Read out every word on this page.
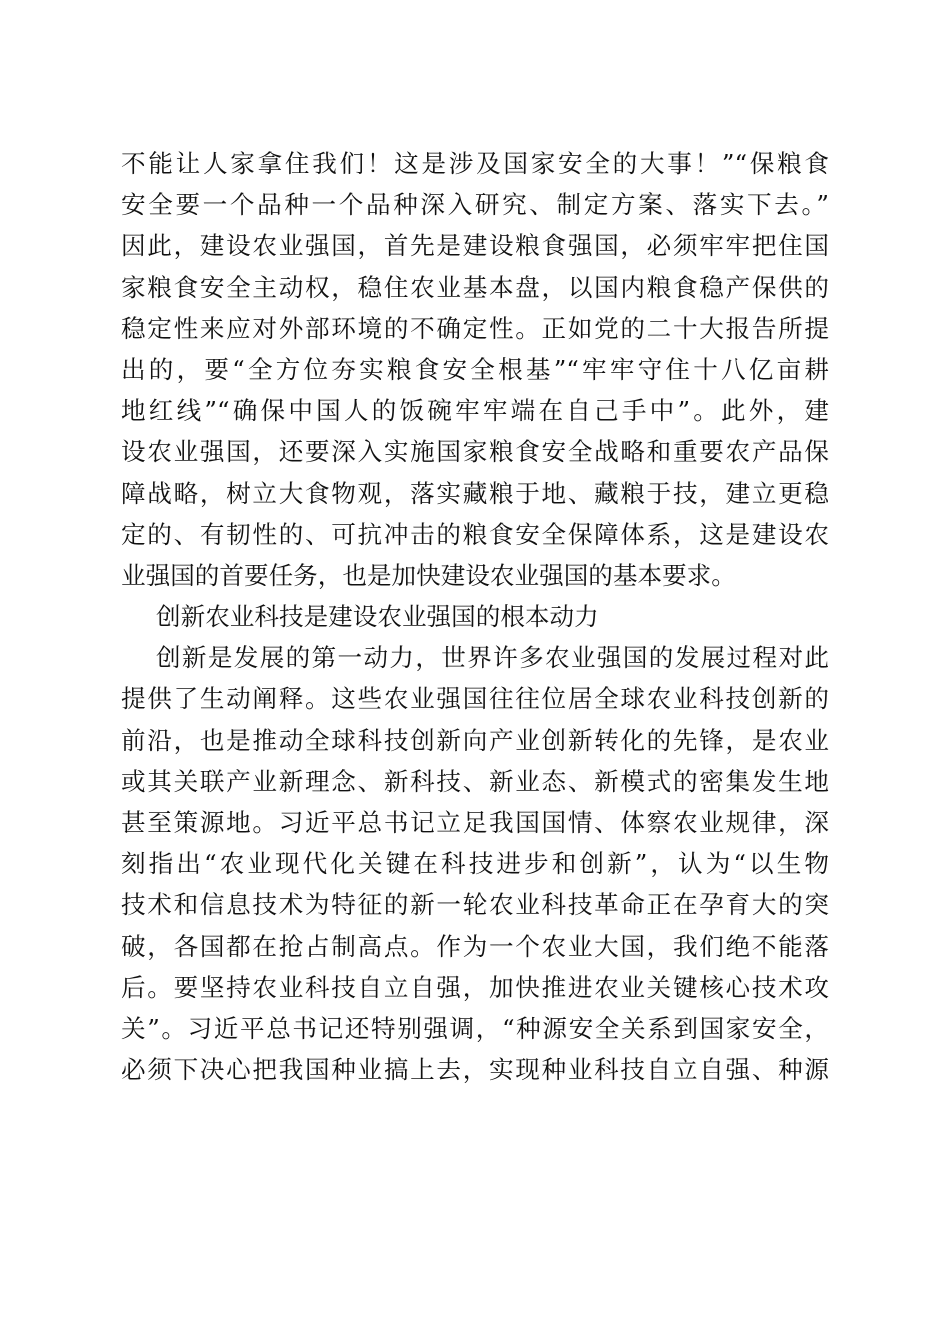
不能让人家拿住我们！这是涉及国家安全的大事！”“保粮食
安全要一个品种一个品种深入研究、制定方案、落实下去。”
因此，建设农业强国，首先是建设粮食强国，必须牢牢把住国
家粮食安全主动权，稳住农业基本盘，以国内粮食稳产保供的
稳定性来应对外部环境的不确定性。正如党的二十大报告所提
出的，要“全方位夯实粮食安全根基”“牢牢守住十八亿亩耕
地红线”“确保中国人的饭碗牢牢端在自己手中”。此外，建
设农业强国，还要深入实施国家粮食安全战略和重要农产品保
障战略，树立大食物观，落实藏粮于地、藏粮于技，建立更稳
定的、有韧性的、可抗冲击的粮食安全保障体系，这是建设农
业强国的首要任务，也是加快建设农业强国的基本要求。
创新农业科技是建设农业强国的根本动力
创新是发展的第一动力，世界许多农业强国的发展过程对此
提供了生动阐释。这些农业强国往往位居全球农业科技创新的
前沿，也是推动全球科技创新向产业创新转化的先锋，是农业
或其关联产业新理念、新科技、新业态、新模式的密集发生地
甚至策源地。习近平总书记立足我国国情、体察农业规律，深
刻指出“农业现代化关键在科技进步和创新”，认为“以生物
技术和信息技术为特征的新一轮农业科技革命正在孕育大的突
破，各国都在抢占制高点。作为一个农业大国，我们绝不能落
后。要坚持农业科技自立自强，加快推进农业关键核心技术攻
关”。习近平总书记还特别强调，“种源安全关系到国家安全，
必须下决心把我国种业搞上去，实现种业科技自立自强、种源
